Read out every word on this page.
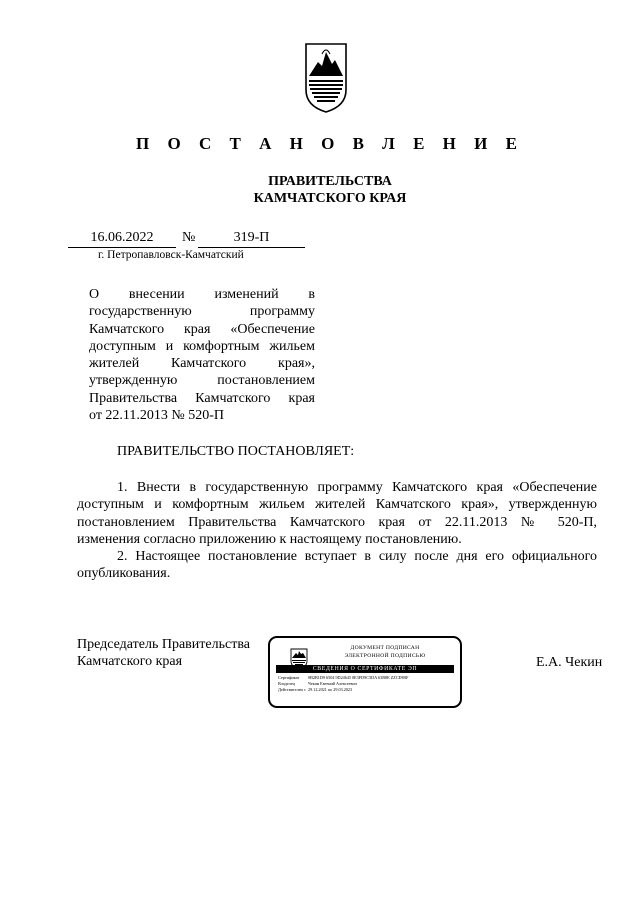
П О С Т А Н О В Л Е Н И Е
ПРАВИТЕЛЬСТВА
КАМЧАТСКОГО КРАЯ
16.06.2022	№	319-П
г. Петропавловск-Камчатский
О внесении изменений в
государственную программу
Камчатского края «Обеспечение
доступным и комфортным жильем
жителей Камчатского края»,
утвержденную постановлением
Правительства Камчатского края
от 22.11.2013 № 520-П
ПРАВИТЕЛЬСТВО ПОСТАНОВЛЯЕТ:
1. Внести в государственную программу Камчатского края «Обеспечение
доступным и комфортным жильем жителей Камчатского края», утвержденную
постановлением Правительства Камчатского края от 22.11.2013 № 520-П,
изменения согласно приложению к настоящему постановлению.
2. Настоящее постановление вступает в силу после дня его официального
опубликования.
Председатель Правительства
Камчатского края
ДОКУМЕНТ ПОДПИСАН
ЭЛЕКТРОННОЙ ПОДПИСЬЮ
СВЕДЕНИЯ О СЕРТИФИКАТЕ ЭП
Сертификат 0B2B1D9 6504 9D24645 0E3FD9C5DA 63B8E ZZCE9BF
Владелец	Чекин Евгений Алексеевич
Действителен с 29.12.2021 по 29.03.2023
Е.А. Чекин
